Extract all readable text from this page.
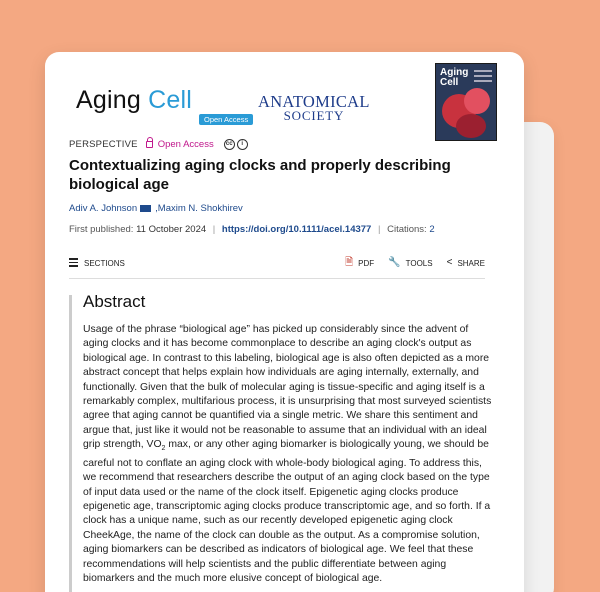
Aging Cell
Open Access
ANATOMICAL
SOCIETY
Aging
Cell
PERSPECTIVE Open Access	cc	i
Contextualizing aging clocks and properly describing biological age
Adiv A. Johnson , Maxim N. Shokhirev
First published: 11 October 2024 | https://doi.org/10.1111/acel.14377 | Citations: 2
SECTIONS	🗎 PDF 🔧 TOOLS < SHARE
Abstract
Usage of the phrase “biological age” has picked up considerably since the advent of aging clocks and it has become commonplace to describe an aging clock's output as biological age. In contrast to this labeling, biological age is also often depicted as a more abstract concept that helps explain how individuals are aging internally, externally, and functionally. Given that the bulk of molecular aging is tissue-specific and aging itself is a remarkably complex, multifarious process, it is unsurprising that most surveyed scientists agree that aging cannot be quantified via a single metric. We share this sentiment and argue that, just like it would not be reasonable to assume that an individual with an ideal grip strength, $VO_2$ max, or any other aging biomarker is biologically young, we should be careful not to conflate an aging clock with whole-body biological aging. To address this, we recommend that researchers describe the output of an aging clock based on the type of input data used or the name of the clock itself. Epigenetic aging clocks produce epigenetic age, transcriptomic aging clocks produce transcriptomic age, and so forth. If a clock has a unique name, such as our recently developed epigenetic aging clock CheekAge, the name of the clock can double as the output. As a compromise solution, aging biomarkers can be described as indicators of biological age. We feel that these recommendations will help scientists and the public differentiate between aging biomarkers and the much more elusive concept of biological age.
